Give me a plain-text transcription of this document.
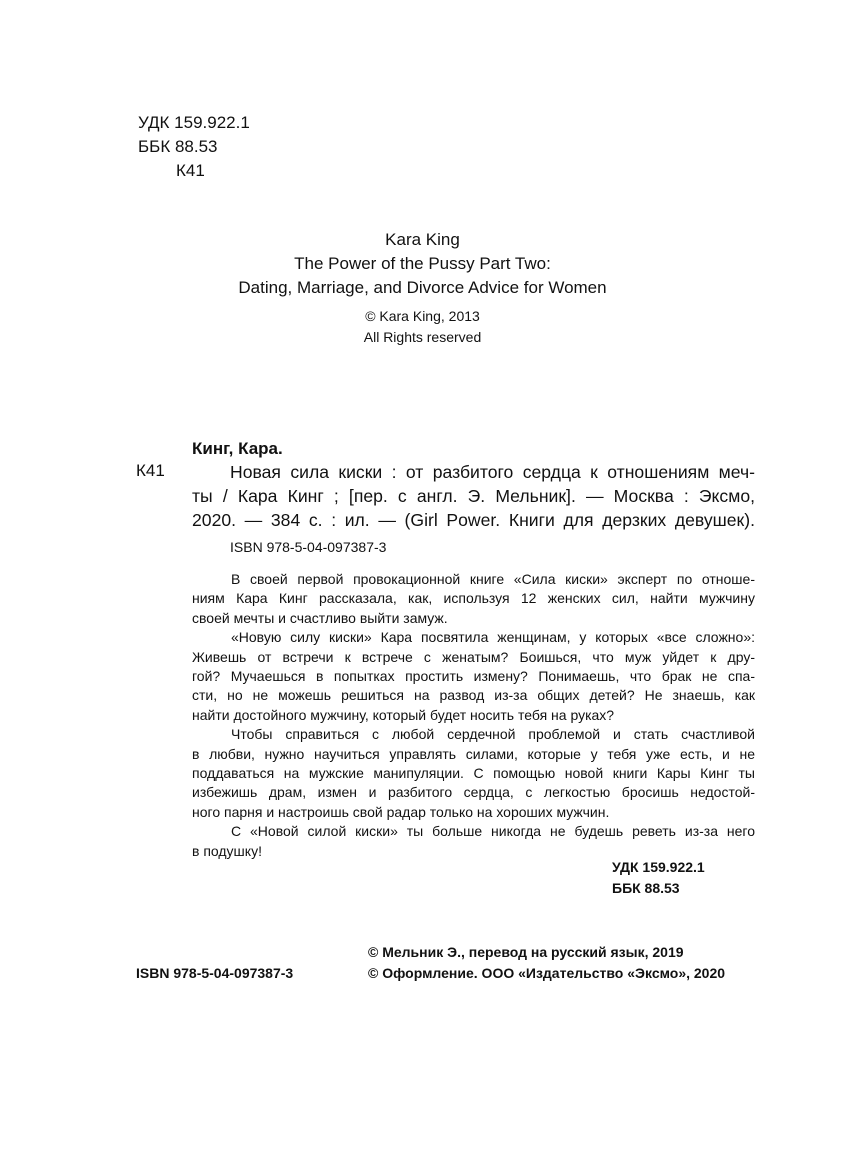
УДК 159.922.1
ББК 88.53
К41
Kara King
The Power of the Pussy Part Two:
Dating, Marriage, and Divorce Advice for Women
© Kara King, 2013
All Rights reserved
Кинг, Кара.
К41	Новая сила киски : от разбитого сердца к отношениям меч-
ты / Кара Кинг ; [пер. с англ. Э. Мельник]. — Москва : Эксмо,
2020. — 384 с. : ил. — (Girl Power. Книги для дерзких девушек).
ISBN 978-5-04-097387-3
В своей первой провокационной книге «Сила киски» эксперт по отноше-
ниям Кара Кинг рассказала, как, используя 12 женских сил, найти мужчину
своей мечты и счастливо выйти замуж.
«Новую силу киски» Кара посвятила женщинам, у которых «все сложно»:
Живешь от встречи к встрече с женатым? Боишься, что муж уйдет к дру-
гой? Мучаешься в попытках простить измену? Понимаешь, что брак не спа-
сти, но не можешь решиться на развод из-за общих детей? Не знаешь, как
найти достойного мужчину, который будет носить тебя на руках?
Чтобы справиться с любой сердечной проблемой и стать счастливой
в любви, нужно научиться управлять силами, которые у тебя уже есть, и не
поддаваться на мужские манипуляции. С помощью новой книги Кары Кинг ты
избежишь драм, измен и разбитого сердца, с легкостью бросишь недостой-
ного парня и настроишь свой радар только на хороших мужчин.
С «Новой силой киски» ты больше никогда не будешь реветь из-за него
в подушку!
УДК 159.922.1
ББК 88.53
© Мельник Э., перевод на русский язык, 2019
ISBN 978-5-04-097387-3	© Оформление. ООО «Издательство «Эксмо», 2020
